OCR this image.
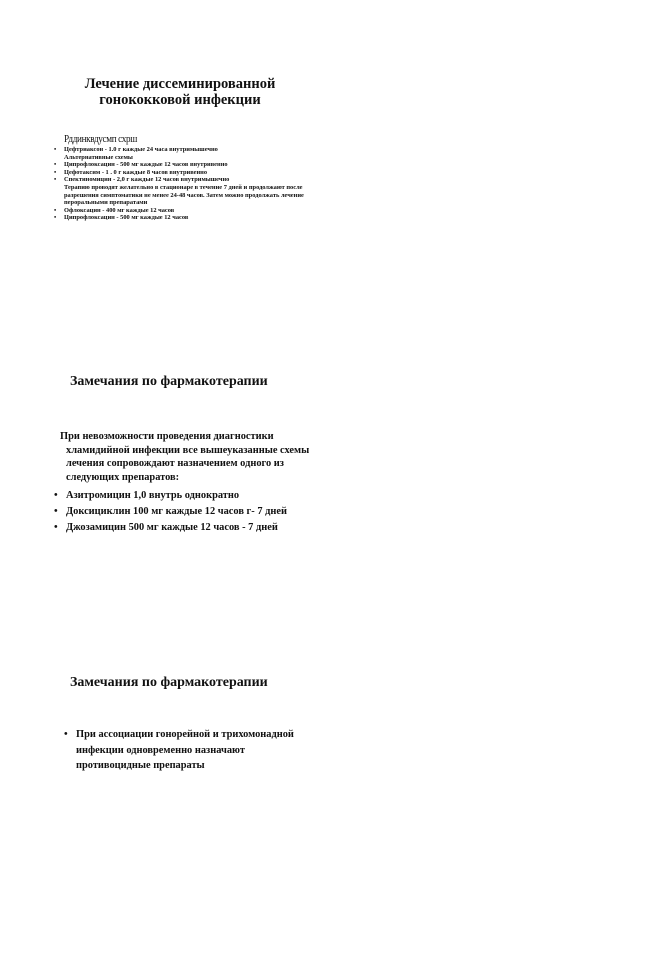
Лечение диссеминированной
гонококковой инфекции
Рддинквдусмп схрш
•	Цефтриаксон - 1.0 г каждые 24 часа внутримышечно
Альтернативные схемы
•	Ципрофлоксацин - 500 мг каждые 12 часов внутривенно
•	Цефотаксим - 1 . 0 г каждые 8 часов внутривенно
•	Спектиномицин - 2,0 г каждые 12 часов внутримышечно
Терапию проводят желательно в стационаре в течение 7 дней и продолжают после разрешения симптоматики не менее 24-48 часов. Затем можно продолжать лечение пероральными препаратами
•	Офлоксацин - 400 мг каждые 12 часов
•	Ципрофлоксацин - 500 мг каждые 12 часов
Замечания по фармакотерапии
При невозможности проведения диагностики
хламидийной инфекции все вышеуказанные схемы лечения сопровождают назначением одного из следующих препаратов:
• Азитромицин 1,0 внутрь однократно
• Доксициклин 100 мг каждые 12 часов г- 7 дней
• Джозамицин 500 мг каждые 12 часов - 7 дней
Замечания по фармакотерапии
• При ассоциации гонорейной и трихомонадной инфекции одновременно назначают противоцидные препараты
